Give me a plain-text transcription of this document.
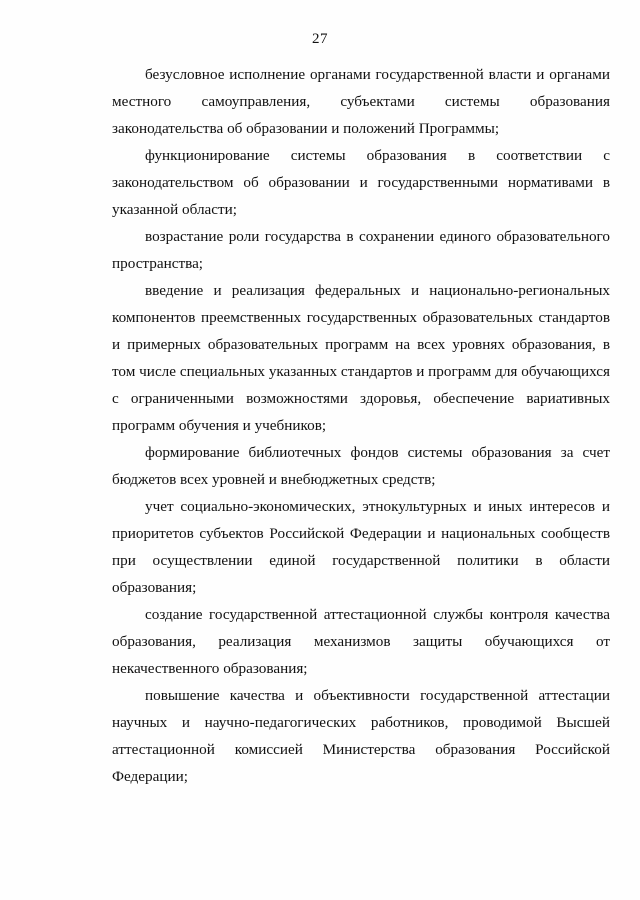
27

безусловное исполнение органами государственной власти и органами местного самоуправления, субъектами системы образования законодательства об образовании и положений Программы;

функционирование системы образования в соответствии с законодательством об образовании и государственными нормативами в указанной области;

возрастание роли государства в сохранении единого образовательного пространства;

введение и реализация федеральных и национально-региональных компонентов преемственных государственных образовательных стандартов и примерных образовательных программ на всех уровнях образования, в том числе специальных указанных стандартов и программ для обучающихся с ограниченными возможностями здоровья, обеспечение вариативных программ обучения и учебников;

формирование библиотечных фондов системы образования за счет бюджетов всех уровней и внебюджетных средств;

учет социально-экономических, этнокультурных и иных интересов и приоритетов субъектов Российской Федерации и национальных сообществ при осуществлении единой государственной политики в области образования;

создание государственной аттестационной службы контроля качества образования, реализация механизмов защиты обучающихся от некачественного образования;

повышение качества и объективности государственной аттестации научных и научно-педагогических работников, проводимой Высшей аттестационной комиссией Министерства образования Российской Федерации;
